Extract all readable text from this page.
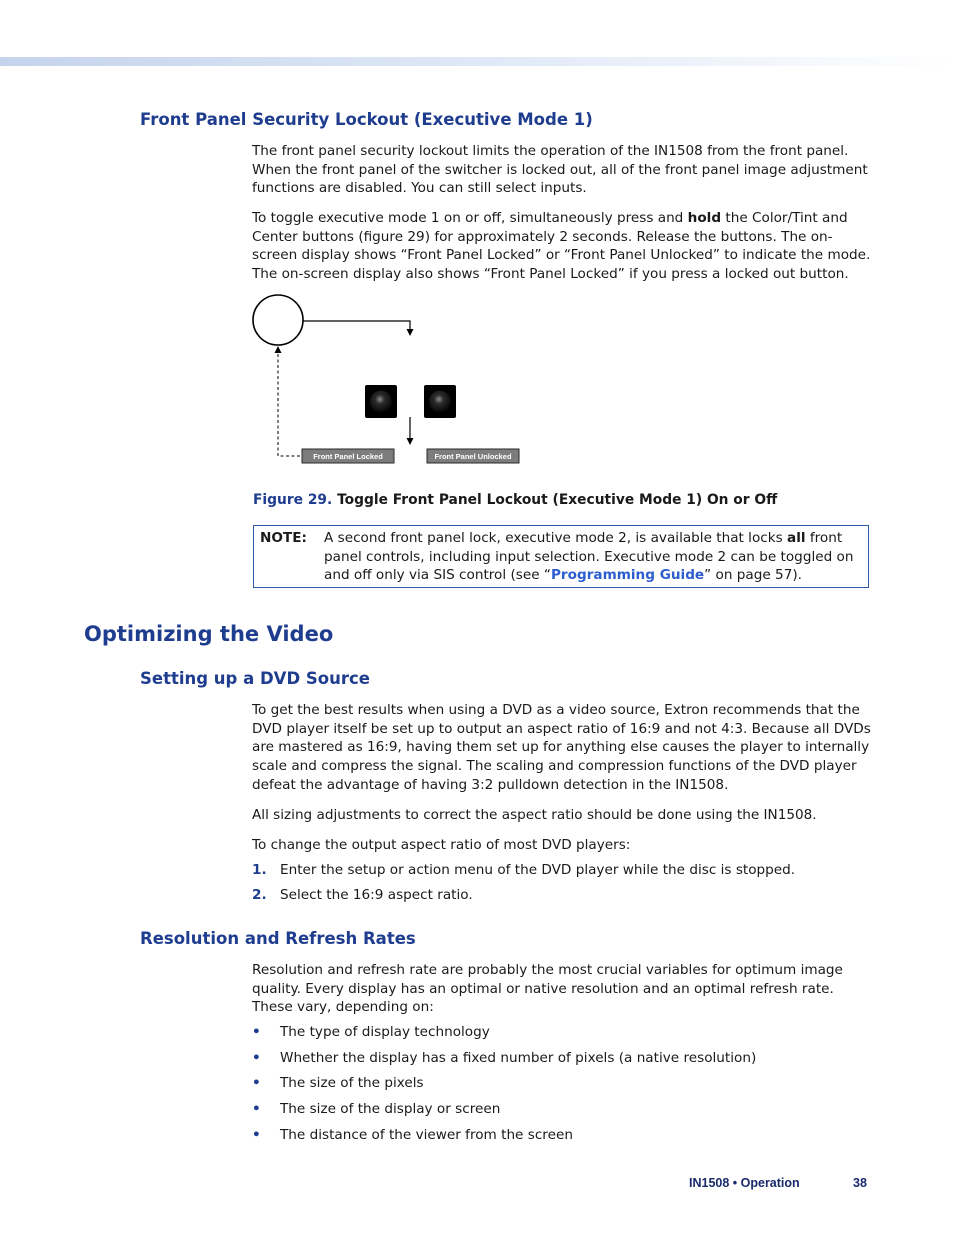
Front Panel Security Lockout (Executive Mode 1)

The front panel security lockout limits the operation of the IN1508 from the front panel. When the front panel of the switcher is locked out, all of the front panel image adjustment functions are disabled. You can still select inputs.

To toggle executive mode 1 on or off, simultaneously press and hold the Color/Tint and Center buttons (figure 29) for approximately 2 seconds. Release the buttons. The on-screen display shows “Front Panel Locked” or “Front Panel Unlocked” to indicate the mode. The on-screen display also shows “Front Panel Locked” if you press a locked out button.

Front Panel Locked	Front Panel Unlocked
Figure 29. Toggle Front Panel Lockout (Executive Mode 1) On or Off
NOTE: A second front panel lock, executive mode 2, is available that locks all front panel controls, including input selection. Executive mode 2 can be toggled on and off only via SIS control (see “Programming Guide” on page 57).
Optimizing the Video
Setting up a DVD Source

To get the best results when using a DVD as a video source, Extron recommends that the DVD player itself be set up to output an aspect ratio of 16:9 and not 4:3. Because all DVDs are mastered as 16:9, having them set up for anything else causes the player to internally scale and compress the signal. The scaling and compression functions of the DVD player defeat the advantage of having 3:2 pulldown detection in the IN1508.

All sizing adjustments to correct the aspect ratio should be done using the IN1508.

To change the output aspect ratio of most DVD players:

1. Enter the setup or action menu of the DVD player while the disc is stopped.
2. Select the 16:9 aspect ratio.
Resolution and Refresh Rates

Resolution and refresh rate are probably the most crucial variables for optimum image quality. Every display has an optimal or native resolution and an optimal refresh rate. These vary, depending on:

• The type of display technology
• Whether the display has a fixed number of pixels (a native resolution)
• The size of the pixels
• The size of the display or screen
• The distance of the viewer from the screen
IN1508 • Operation	38
